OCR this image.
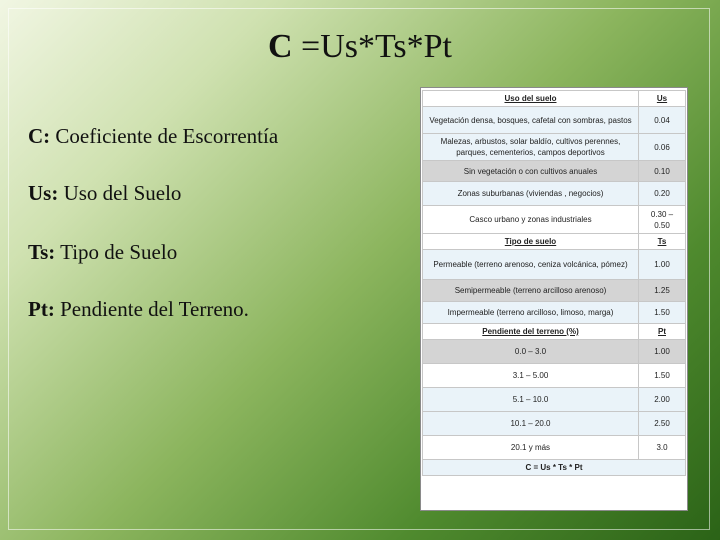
C =Us*Ts*Pt
C: Coeficiente de Escorrentía
Us: Uso del Suelo
Ts: Tipo de Suelo
Pt: Pendiente del Terreno.
Uso del suelo	Us
Vegetación densa, bosques, cafetal con sombras, pastos	0.04
Malezas, arbustos, solar baldío, cultivos perennes, parques, cementerios, campos deportivos	0.06
Sin vegetación o con cultivos anuales	0.10
Zonas suburbanas (viviendas , negocios)	0.20
Casco urbano y zonas industriales	0.30 – 0.50
Tipo de suelo	Ts
Permeable (terreno arenoso, ceniza volcánica, pómez)	1.00
Semipermeable (terreno arcilloso arenoso)	1.25
Impermeable (terreno arcilloso, limoso, marga)	1.50
Pendiente del terreno (%)	Pt
0.0 – 3.0	1.00
3.1 – 5.00	1.50
5.1 – 10.0	2.00
10.1 – 20.0	2.50
20.1 y más	3.0
C = Us * Ts * Pt	
